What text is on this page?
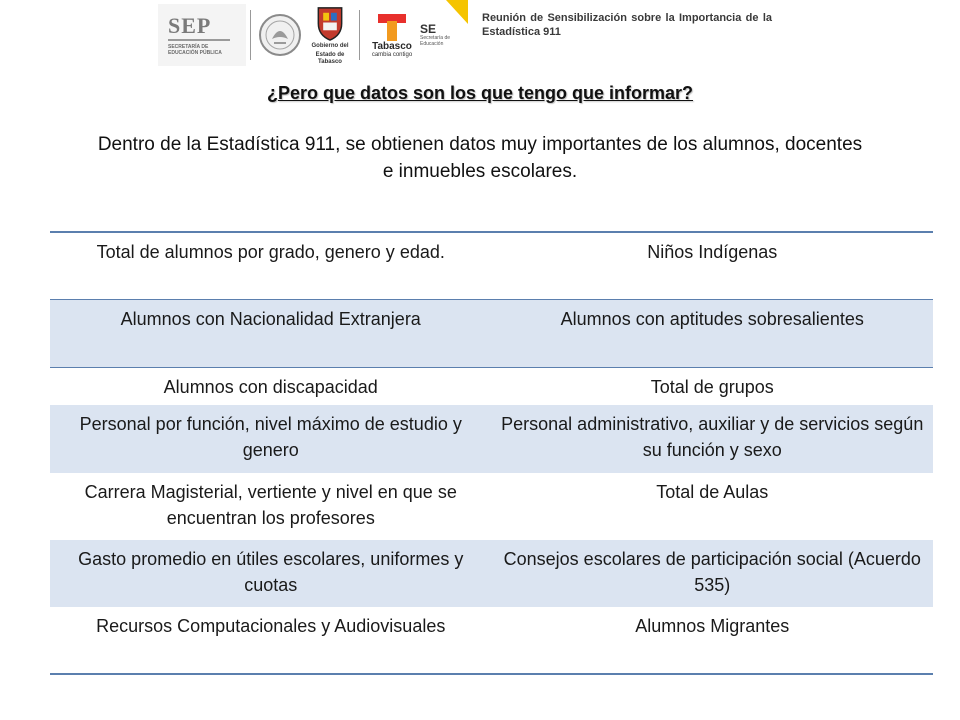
SEP
SECRETARÍA DE
EDUCACIÓN PÚBLICA
Gobierno del
Estado de Tabasco
Tabasco
cambia contigo
SE
Secretaría de
Educación
Reunión de Sensibilización sobre la Importancia de la Estadística 911
¿Pero que datos son los que tengo que informar?
Dentro de la Estadística 911, se obtienen datos muy importantes de los alumnos, docentes e inmuebles escolares.
Total de alumnos por grado, genero y edad.	Niños Indígenas
Alumnos con Nacionalidad Extranjera	Alumnos con aptitudes sobresalientes
Alumnos con discapacidad	Total de grupos
Personal por función, nivel máximo de estudio y genero	Personal administrativo, auxiliar y de servicios según su función y sexo
Carrera Magisterial, vertiente y nivel en que se encuentran los profesores	Total de Aulas
Gasto promedio en útiles escolares, uniformes y cuotas	Consejos escolares de participación social (Acuerdo 535)
Recursos Computacionales y Audiovisuales	Alumnos Migrantes
